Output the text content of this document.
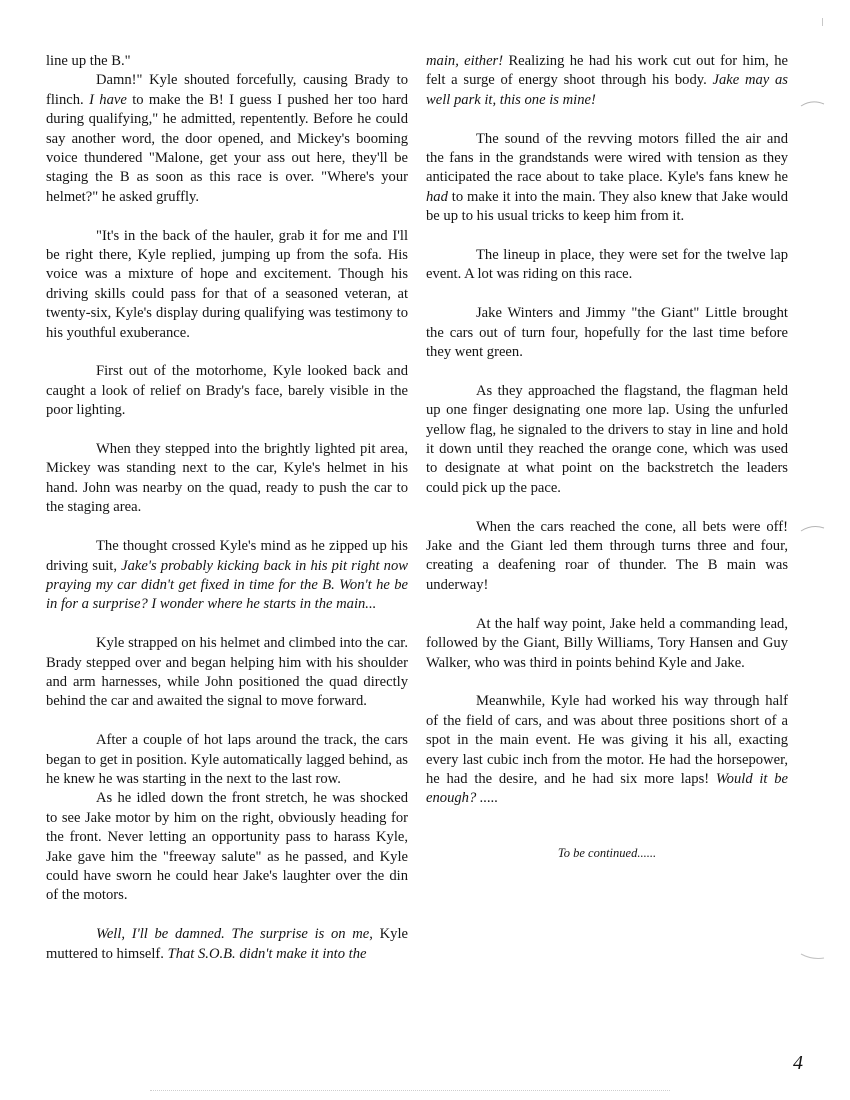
line up the B."

Damn!" Kyle shouted forcefully, causing Brady to flinch. I have to make the B! I guess I pushed her too hard during qualifying," he admitted, repentently. Before he could say another word, the door opened, and Mickey's booming voice thundered "Malone, get your ass out here, they'll be staging the B as soon as this race is over. "Where's your helmet?" he asked gruffly.

"It's in the back of the hauler, grab it for me and I'll be right there, Kyle replied, jumping up from the sofa. His voice was a mixture of hope and excitement. Though his driving skills could pass for that of a seasoned veteran, at twenty-six, Kyle's display during qualifying was testimony to his youthful exuberance.

First out of the motorhome, Kyle looked back and caught a look of relief on Brady's face, barely visible in the poor lighting.

When they stepped into the brightly lighted pit area, Mickey was standing next to the car, Kyle's helmet in his hand. John was nearby on the quad, ready to push the car to the staging area.

The thought crossed Kyle's mind as he zipped up his driving suit, Jake's probably kicking back in his pit right now praying my car didn't get fixed in time for the B. Won't he be in for a surprise? I wonder where he starts in the main...

Kyle strapped on his helmet and climbed into the car. Brady stepped over and began helping him with his shoulder and arm harnesses, while John positioned the quad directly behind the car and awaited the signal to move forward.

After a couple of hot laps around the track, the cars began to get in position. Kyle automatically lagged behind, as he knew he was starting in the next to the last row.

As he idled down the front stretch, he was shocked to see Jake motor by him on the right, obviously heading for the front. Never letting an opportunity pass to harass Kyle, Jake gave him the "freeway salute" as he passed, and Kyle could have sworn he could hear Jake's laughter over the din of the motors.

Well, I'll be damned. The surprise is on me, Kyle muttered to himself. That S.O.B. didn't make it into the

main, either! Realizing he had his work cut out for him, he felt a surge of energy shoot through his body. Jake may as well park it, this one is mine!

The sound of the revving motors filled the air and the fans in the grandstands were wired with tension as they anticipated the race about to take place. Kyle's fans knew he had to make it into the main. They also knew that Jake would be up to his usual tricks to keep him from it.

The lineup in place, they were set for the twelve lap event. A lot was riding on this race.

Jake Winters and Jimmy "the Giant" Little brought the cars out of turn four, hopefully for the last time before they went green.

As they approached the flagstand, the flagman held up one finger designating one more lap. Using the unfurled yellow flag, he signaled to the drivers to stay in line and hold it down until they reached the orange cone, which was used to designate at what point on the backstretch the leaders could pick up the pace.

When the cars reached the cone, all bets were off! Jake and the Giant led them through turns three and four, creating a deafening roar of thunder. The B main was underway!

At the half way point, Jake held a commanding lead, followed by the Giant, Billy Williams, Tory Hansen and Guy Walker, who was third in points behind Kyle and Jake.

Meanwhile, Kyle had worked his way through half of the field of cars, and was about three positions short of a spot in the main event. He was giving it his all, exacting every last cubic inch from the motor. He had the horsepower, he had the desire, and he had six more laps! Would it be enough? .....

To be continued......
4
